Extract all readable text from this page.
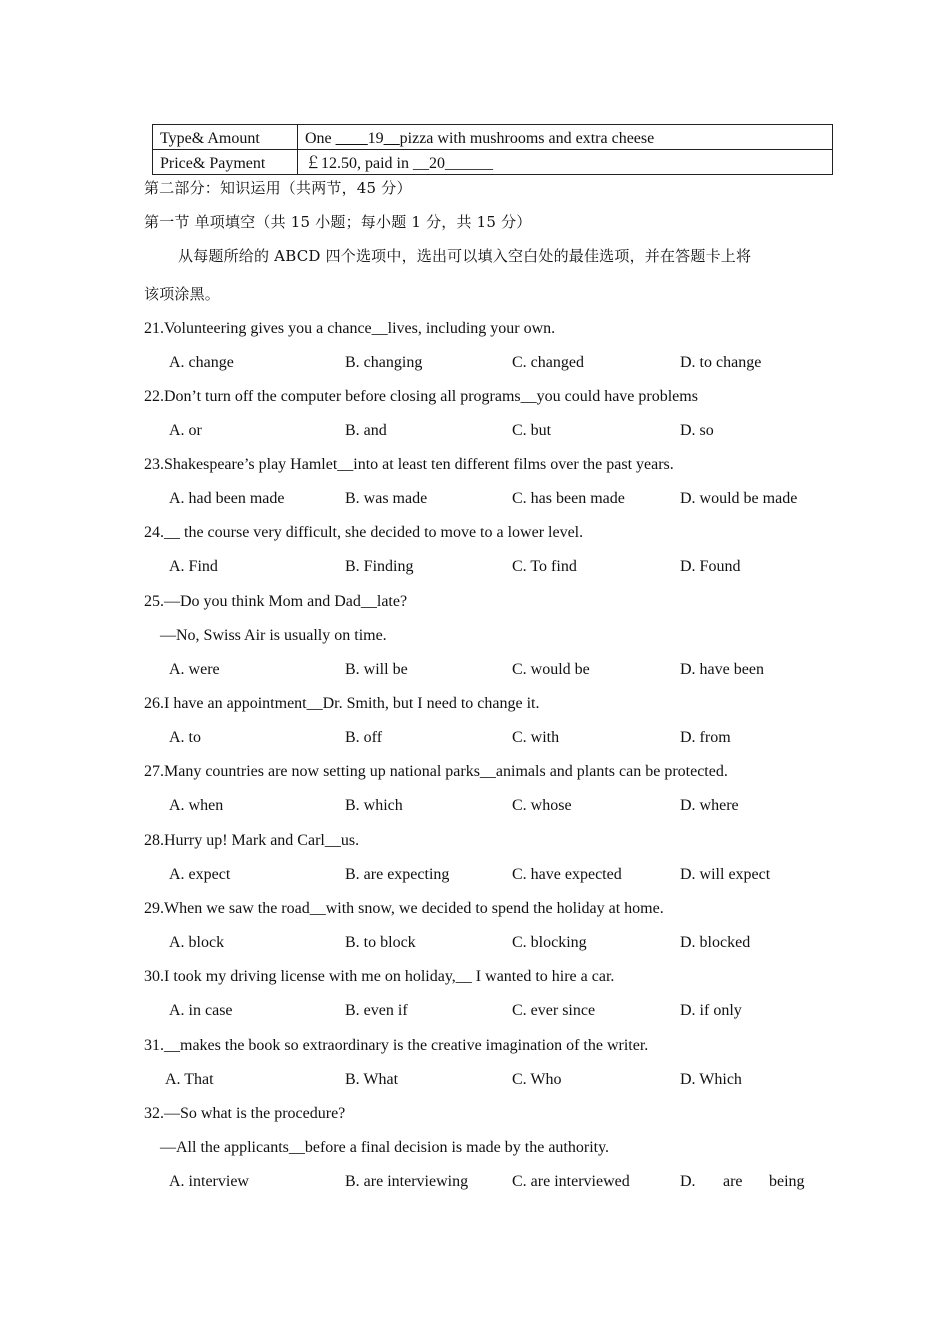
Type& Amount	One ____19__pizza with mushrooms and extra cheese
Price& Payment	￡12.50, paid in __20______
第二部分：知识运用（共两节，45 分）
第一节 单项填空（共 15 小题；每小题 1 分，共 15 分）
从每题所给的 ABCD 四个选项中，选出可以填入空白处的最佳选项，并在答题卡上将
该项涂黑。
21.Volunteering gives you a chance__lives, including your own.
A. change	B. changing	C. changed	D. to change
22.Don’t turn off the computer before closing all programs__you could have problems
A. or	B. and	C. but	D. so
23.Shakespeare’s play Hamlet__into at least ten different films over the past years.
A. had been made	B. was made	C. has been made	D. would be made
24.__ the course very difficult, she decided to move to a lower level.
A. Find	B. Finding	C. To find	D. Found
25.—Do you think Mom and Dad__late?
—No, Swiss Air is usually on time.
A. were	B. will be	C. would be	D. have been
26.I have an appointment__Dr. Smith, but I need to change it.
A. to	B. off	C. with	D. from
27.Many countries are now setting up national parks__animals and plants can be protected.
A. when	B. which	C. whose	D. where
28.Hurry up! Mark and Carl__us.
A. expect	B. are expecting	C. have expected	D. will expect
29.When we saw the road__with snow, we decided to spend the holiday at home.
A. block	B. to block	C. blocking	D. blocked
30.I took my driving license with me on holiday,__ I wanted to hire a car.
A. in case	B. even if	C. ever since	D. if only
31.__makes the book so extraordinary is the creative imagination of the writer.
A. That	B. What	C. Who	D. Which
32.—So what is the procedure?
—All the applicants__before a final decision is made by the authority.
A. interview	B. are interviewing	C. are interviewed	D. are being
